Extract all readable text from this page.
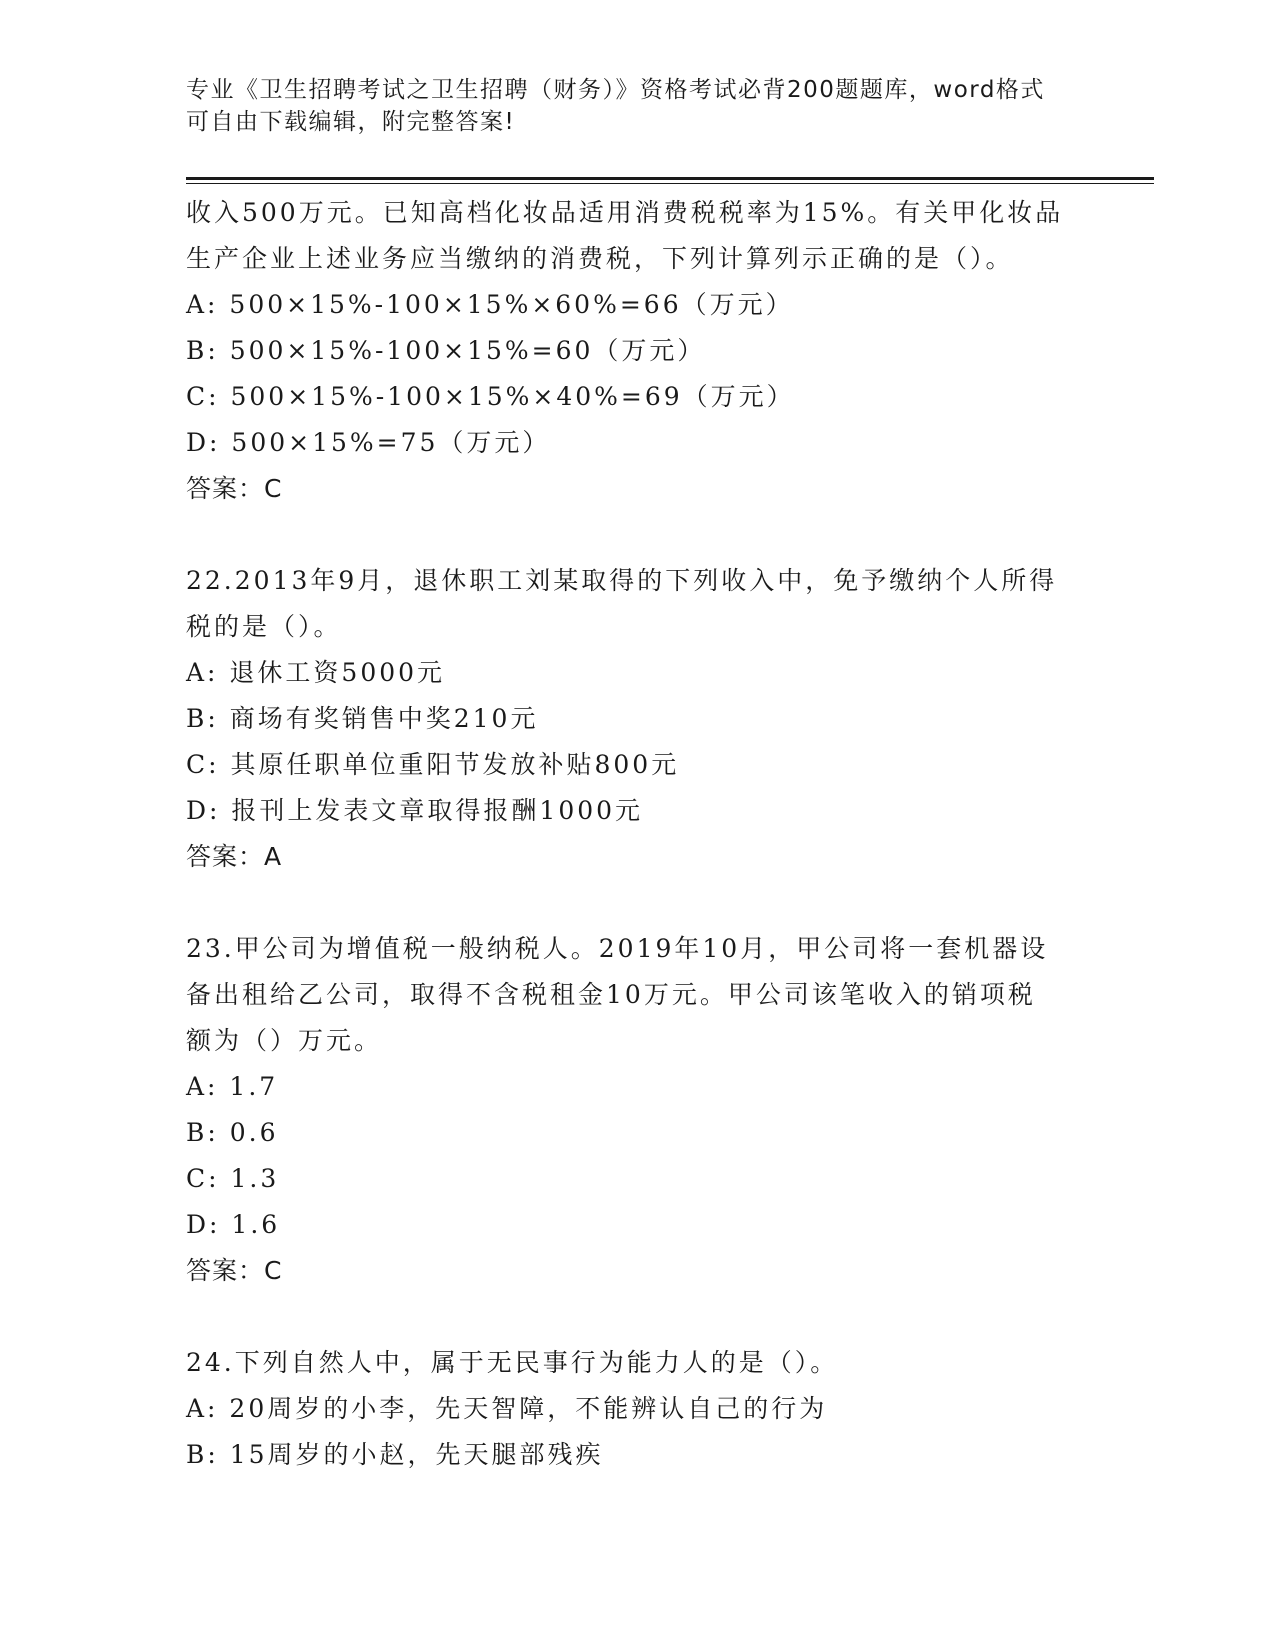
专业《卫生招聘考试之卫生招聘（财务）》资格考试必背200题题库，word格式
可自由下载编辑，附完整答案!
收入500万元。已知高档化妆品适用消费税税率为15%。有关甲化妆品
生产企业上述业务应当缴纳的消费税，下列计算列示正确的是（）。
A: 500×15%-100×15%×60%=66（万元）
B: 500×15%-100×15%=60（万元）
C: 500×15%-100×15%×40%=69（万元）
D: 500×15%=75（万元）
答案：C
22.2013年9月，退休职工刘某取得的下列收入中，免予缴纳个人所得
税的是（）。
A: 退休工资5000元
B: 商场有奖销售中奖210元
C: 其原任职单位重阳节发放补贴800元
D: 报刊上发表文章取得报酬1000元
答案：A
23.甲公司为增值税一般纳税人。2019年10月，甲公司将一套机器设
备出租给乙公司，取得不含税租金10万元。甲公司该笔收入的销项税
额为（）万元。
A: 1.7
B: 0.6
C: 1.3
D: 1.6
答案：C
24.下列自然人中，属于无民事行为能力人的是（）。
A: 20周岁的小李，先天智障，不能辨认自己的行为
B: 15周岁的小赵，先天腿部残疾
